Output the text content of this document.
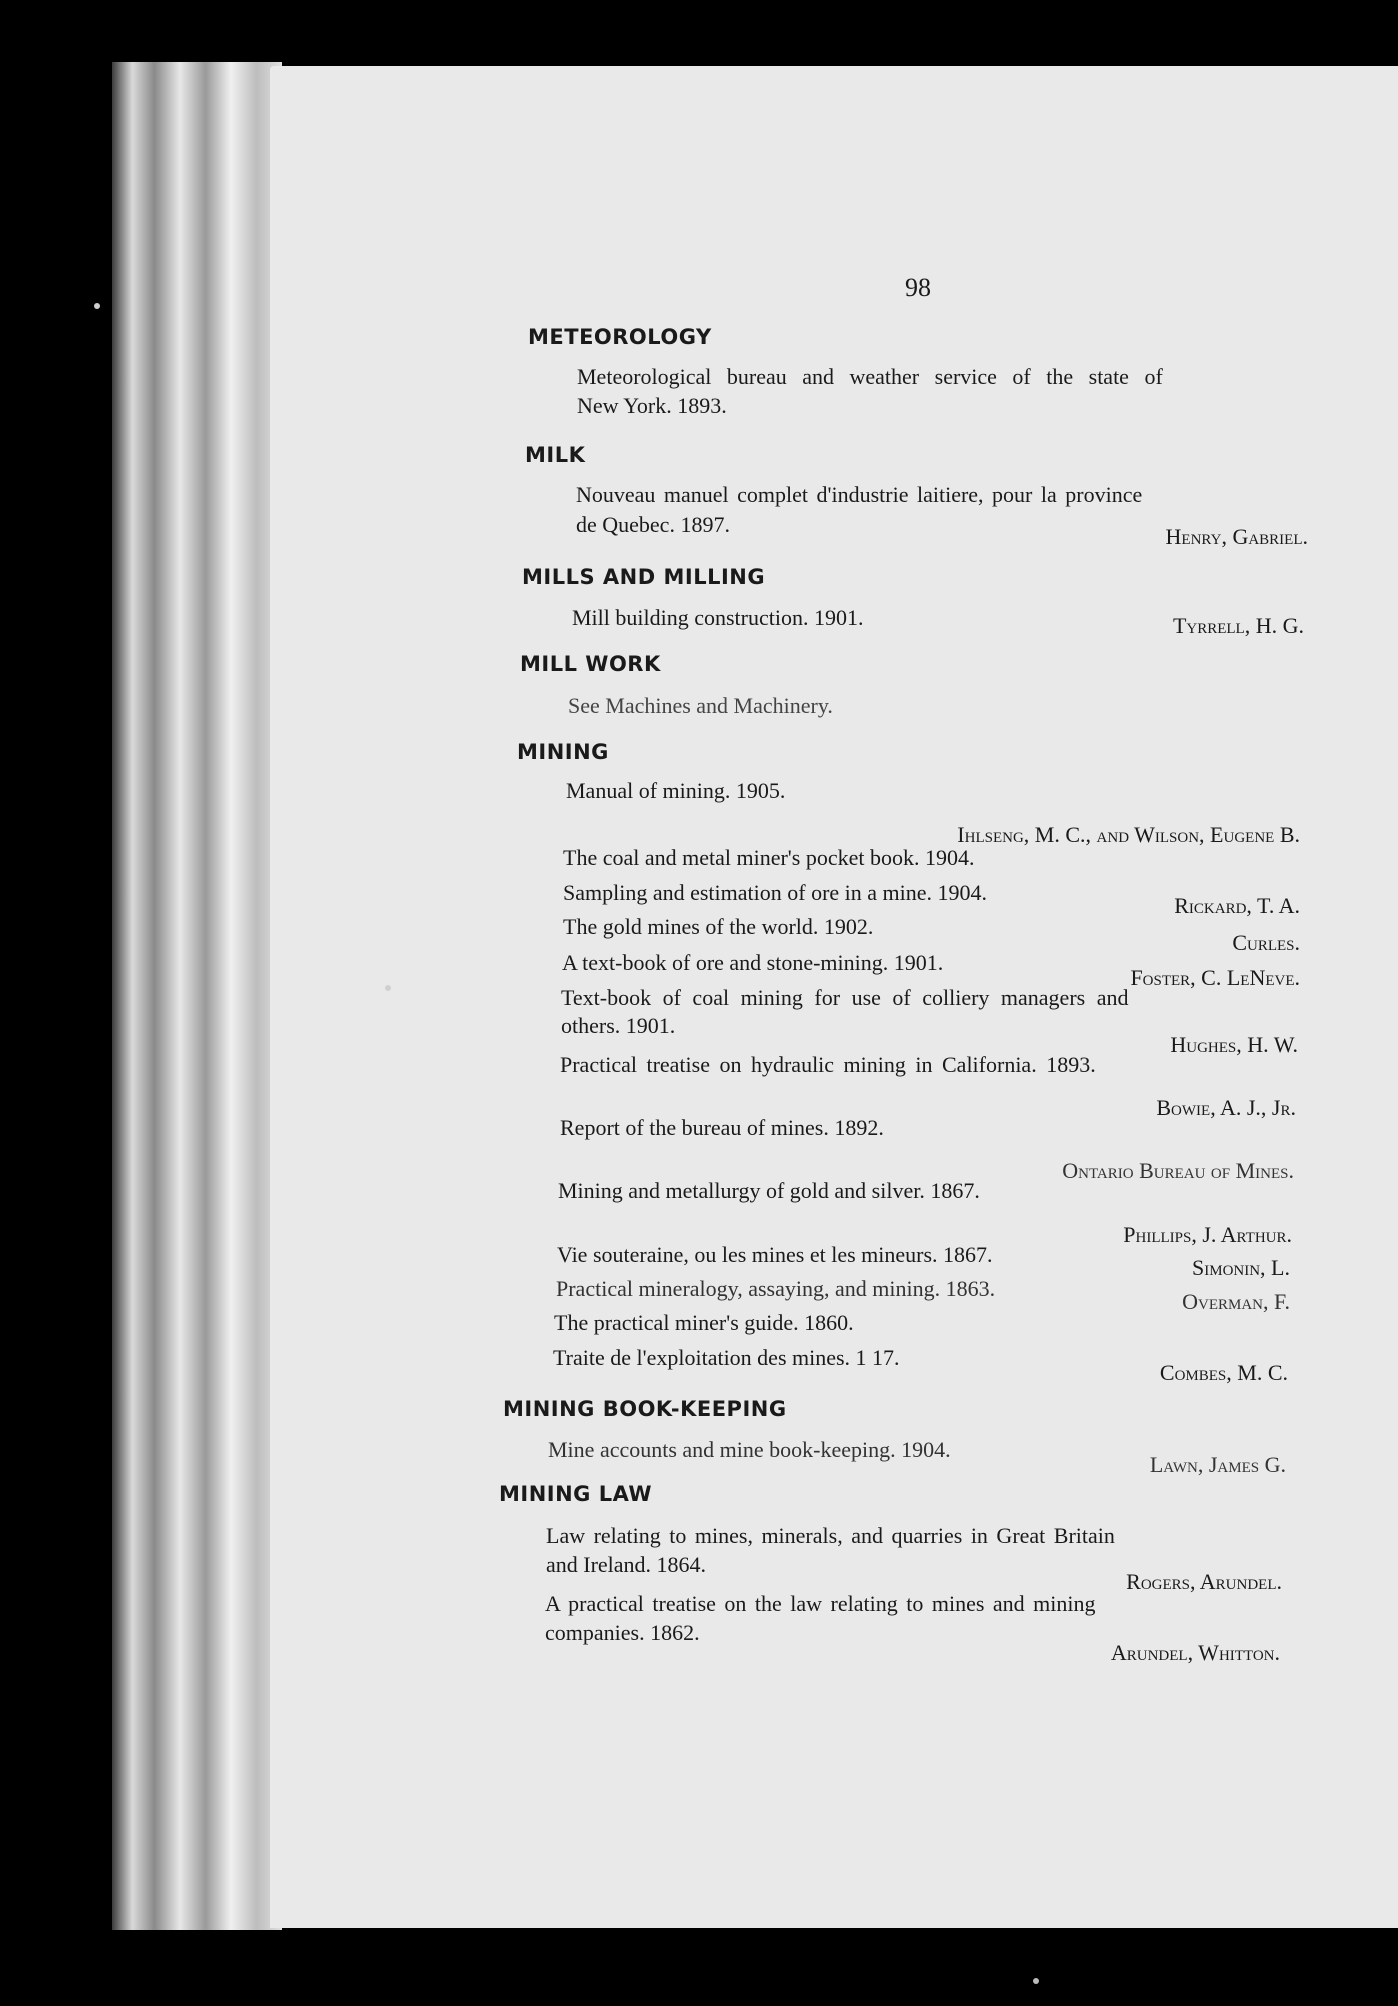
98
METEOROLOGY
Meteorological bureau and weather service of the state of
New York. 1893.
MILK
Nouveau manuel complet d'industrie laitiere, pour la province
de Quebec. 1897.	Henry, Gabriel.
MILLS AND MILLING
Mill building construction. 1901.	Tyrrell, H. G.
MILL WORK
See Machines and Machinery.
MINING
Manual of mining. 1905.
Ihlseng, M. C., and Wilson, Eugene B.
The coal and metal miner's pocket book. 1904.
Sampling and estimation of ore in a mine. 1904.
Rickard, T. A.
The gold mines of the world. 1902.
Curles.
A text-book of ore and stone-mining. 1901.
Foster, C. LeNeve.
Text-book of coal mining for use of colliery managers and
others. 1901.
Hughes, H. W.
Practical treatise on hydraulic mining in California. 1893.
Bowie, A. J., Jr.
Report of the bureau of mines. 1892.
Ontario Bureau of Mines.
Mining and metallurgy of gold and silver. 1867.
Phillips, J. Arthur.
Vie souteraine, ou les mines et les mineurs. 1867.
Simonin, L.
Practical mineralogy, assaying, and mining. 1863.
Overman, F.
The practical miner's guide. 1860.
Traite de l'exploitation des mines. 1 17.
Combes, M. C.
MINING BOOK-KEEPING
Mine accounts and mine book-keeping. 1904.
Lawn, James G.
MINING LAW
Law relating to mines, minerals, and quarries in Great Britain
and Ireland. 1864.
Rogers, Arundel.
A practical treatise on the law relating to mines and mining
companies. 1862.
Arundel, Whitton.
